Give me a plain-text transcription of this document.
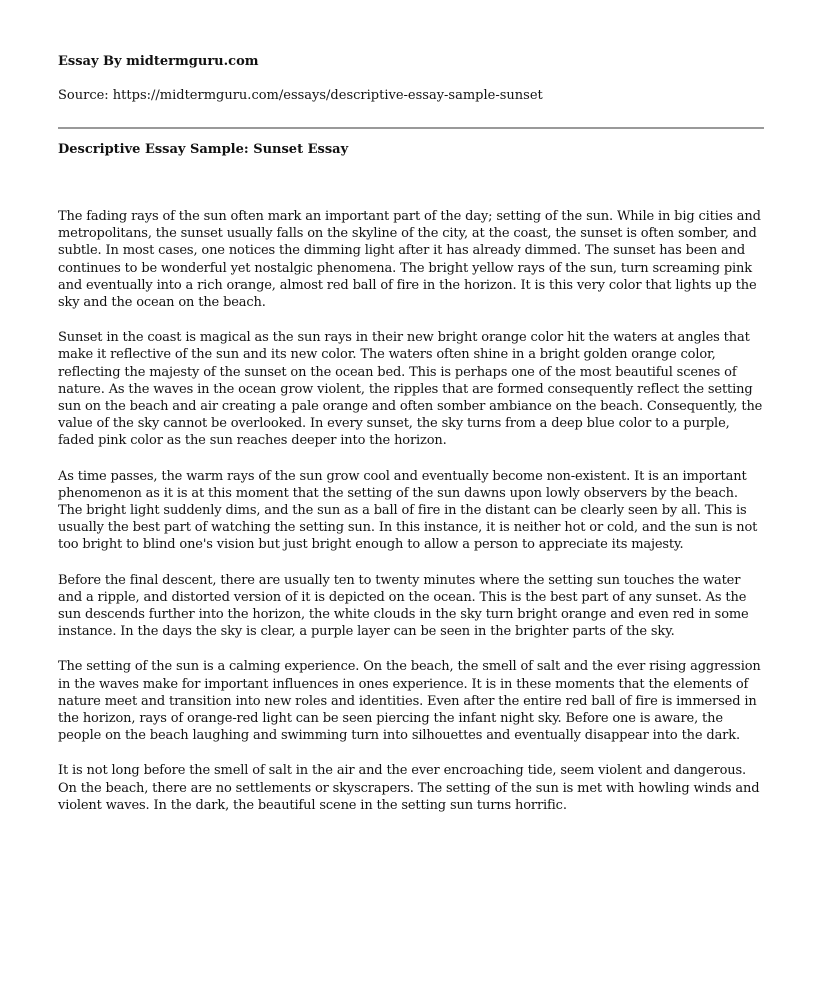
Essay By midtermguru.com

Source: https://midtermguru.com/essays/descriptive-essay-sample-sunset

Descriptive Essay Sample: Sunset Essay

The fading rays of the sun often mark an important part of the day; setting of the sun. While in big cities and metropolitans, the sunset usually falls on the skyline of the city, at the coast, the sunset is often somber, and subtle. In most cases, one notices the dimming light after it has already dimmed. The sunset has been and continues to be wonderful yet nostalgic phenomena. The bright yellow rays of the sun, turn screaming pink and eventually into a rich orange, almost red ball of fire in the horizon. It is this very color that lights up the sky and the ocean on the beach.

Sunset in the coast is magical as the sun rays in their new bright orange color hit the waters at angles that make it reflective of the sun and its new color. The waters often shine in a bright golden orange color, reflecting the majesty of the sunset on the ocean bed. This is perhaps one of the most beautiful scenes of nature. As the waves in the ocean grow violent, the ripples that are formed consequently reflect the setting sun on the beach and air creating a pale orange and often somber ambiance on the beach. Consequently, the value of the sky cannot be overlooked. In every sunset, the sky turns from a deep blue color to a purple, faded pink color as the sun reaches deeper into the horizon.

As time passes, the warm rays of the sun grow cool and eventually become non-existent. It is an important phenomenon as it is at this moment that the setting of the sun dawns upon lowly observers by the beach. The bright light suddenly dims, and the sun as a ball of fire in the distant can be clearly seen by all. This is usually the best part of watching the setting sun. In this instance, it is neither hot or cold, and the sun is not too bright to blind one's vision but just bright enough to allow a person to appreciate its majesty.

Before the final descent, there are usually ten to twenty minutes where the setting sun touches the water and a ripple, and distorted version of it is depicted on the ocean. This is the best part of any sunset. As the sun descends further into the horizon, the white clouds in the sky turn bright orange and even red in some instance. In the days the sky is clear, a purple layer can be seen in the brighter parts of the sky.

The setting of the sun is a calming experience. On the beach, the smell of salt and the ever rising aggression in the waves make for important influences in ones experience. It is in these moments that the elements of nature meet and transition into new roles and identities. Even after the entire red ball of fire is immersed in the horizon, rays of orange-red light can be seen piercing the infant night sky. Before one is aware, the people on the beach laughing and swimming turn into silhouettes and eventually disappear into the dark.

It is not long before the smell of salt in the air and the ever encroaching tide, seem violent and dangerous. On the beach, there are no settlements or skyscrapers. The setting of the sun is met with howling winds and violent waves. In the dark, the beautiful scene in the setting sun turns horrific.
